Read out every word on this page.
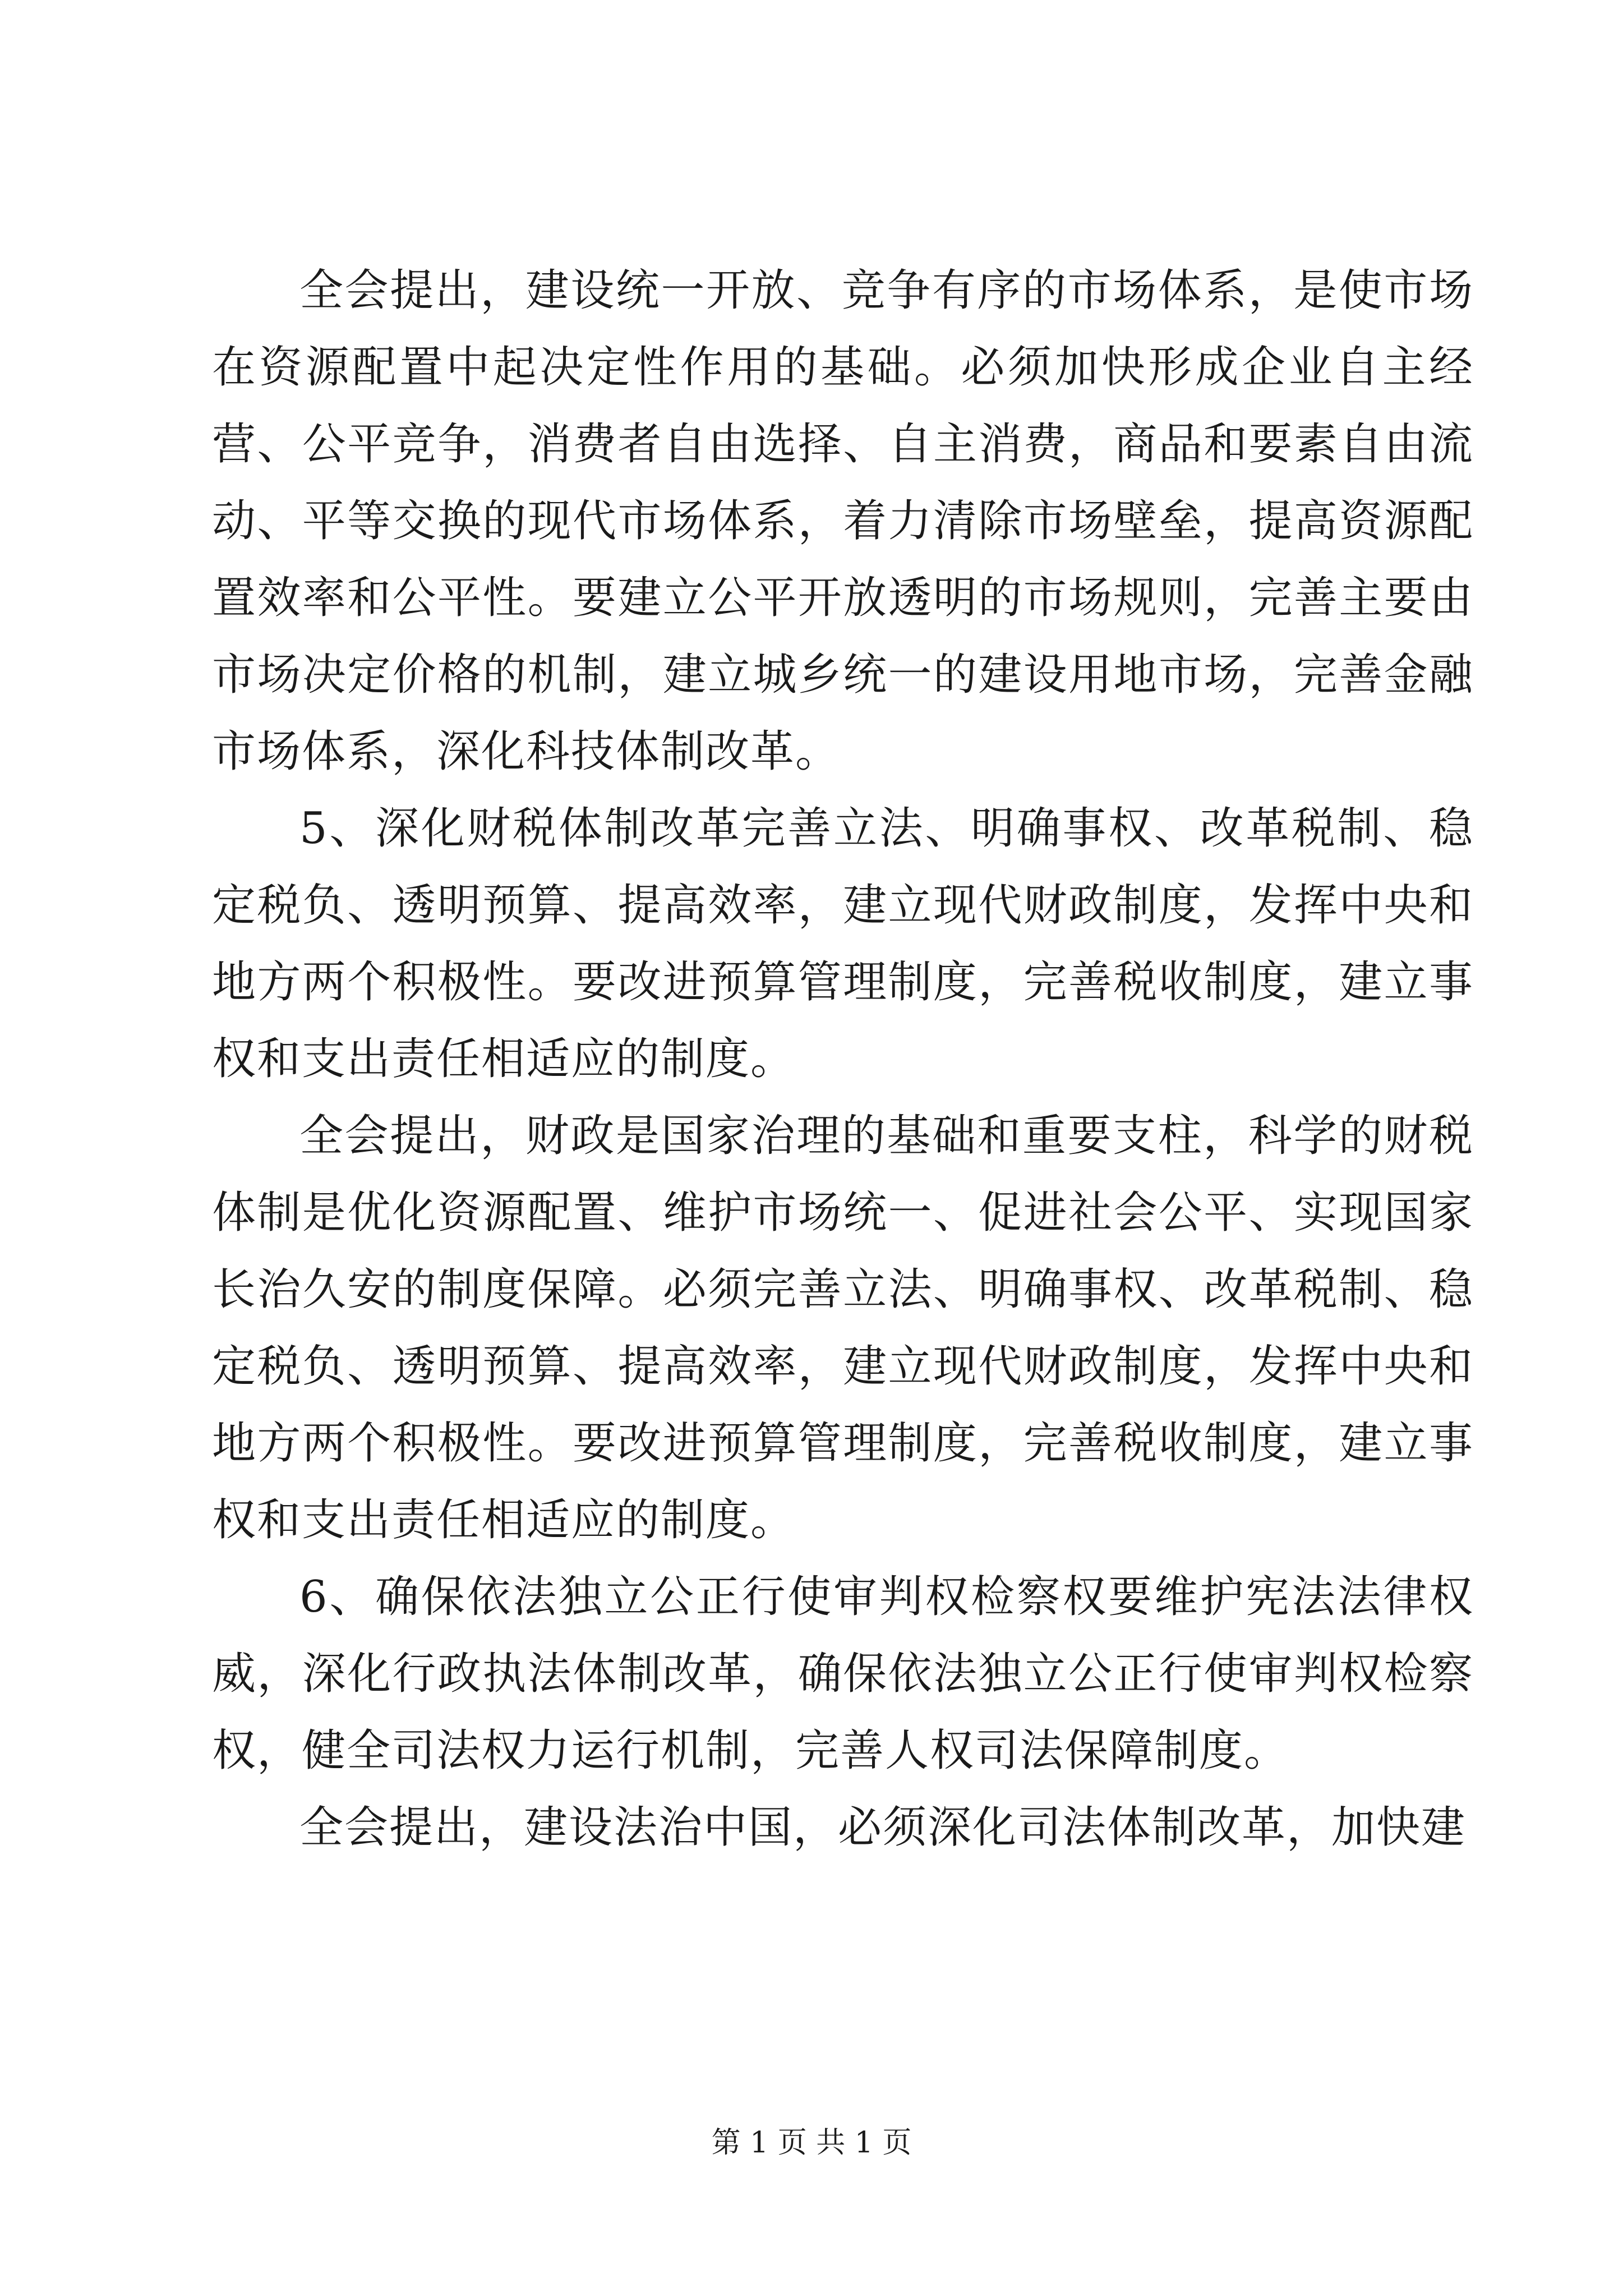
全会提出，建设统一开放、竞争有序的市场体系，是使市场在资源配置中起决定性作用的基础。必须加快形成企业自主经营、公平竞争，消费者自由选择、自主消费，商品和要素自由流动、平等交换的现代市场体系，着力清除市场壁垒，提高资源配置效率和公平性。要建立公平开放透明的市场规则，完善主要由市场决定价格的机制，建立城乡统一的建设用地市场，完善金融市场体系，深化科技体制改革。

5、深化财税体制改革完善立法、明确事权、改革税制、稳定税负、透明预算、提高效率，建立现代财政制度，发挥中央和地方两个积极性。要改进预算管理制度，完善税收制度，建立事权和支出责任相适应的制度。

全会提出，财政是国家治理的基础和重要支柱，科学的财税体制是优化资源配置、维护市场统一、促进社会公平、实现国家长治久安的制度保障。必须完善立法、明确事权、改革税制、稳定税负、透明预算、提高效率，建立现代财政制度，发挥中央和地方两个积极性。要改进预算管理制度，完善税收制度，建立事权和支出责任相适应的制度。

6、确保依法独立公正行使审判权检察权要维护宪法法律权威，深化行政执法体制改革，确保依法独立公正行使审判权检察权，健全司法权力运行机制，完善人权司法保障制度。

全会提出，建设法治中国，必须深化司法体制改革，加快建

第 1 页 共 1 页
